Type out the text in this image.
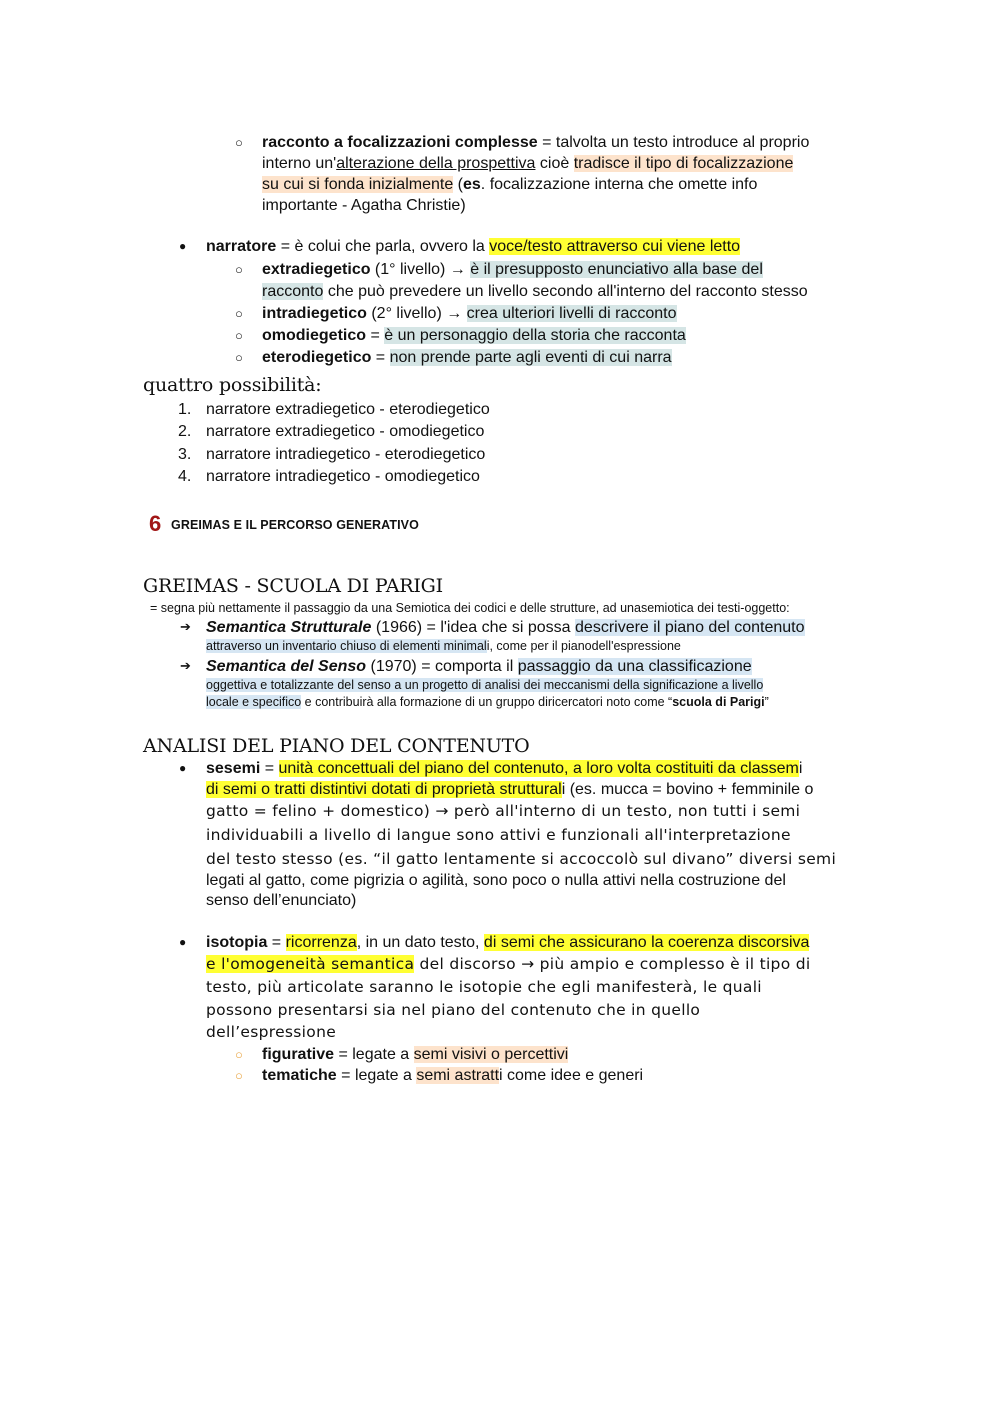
○ racconto a focalizzazioni complesse = talvolta un testo introduce al proprio
interno un'alterazione della prospettiva cioè tradisce il tipo di focalizzazione
su cui si fonda inizialmente (es. focalizzazione interna che omette info
importante - Agatha Christie)
● narratore = è colui che parla, ovvero la voce/testo attraverso cui viene letto
○ extradiegetico (1° livello) → è il presupposto enunciativo alla base del
racconto che può prevedere un livello secondo all'interno del racconto stesso
○ intradiegetico (2° livello) → crea ulteriori livelli di racconto
○ omodiegetico = è un personaggio della storia che racconta
○ eterodiegetico = non prende parte agli eventi di cui narra
quattro possibilità:
1. narratore extradiegetico - eterodiegetico
2. narratore extradiegetico - omodiegetico
3. narratore intradiegetico - eterodiegetico
4. narratore intradiegetico - omodiegetico
6 GREIMAS E IL PERCORSO GENERATIVO
GREIMAS - SCUOLA DI PARIGI
= segna più nettamente il passaggio da una Semiotica dei codici e delle strutture, ad unasemiotica dei testi-oggetto:
➔ Semantica Strutturale (1966) = l'idea che si possa descrivere il piano del contenuto
attraverso un inventario chiuso di elementi minimali, come per il pianodell'espressione
➔ Semantica del Senso (1970) = comporta il passaggio da una classificazione
oggettiva e totalizzante del senso a un progetto di analisi dei meccanismi della significazione a livello
locale e specifico e contribuirà alla formazione di un gruppo diricercatori noto come “scuola di Parigi”
ANALISI DEL PIANO DEL CONTENUTO
● sesemi = unità concettuali del piano del contenuto, a loro volta costituiti da classemi
di semi o tratti distintivi dotati di proprietà strutturali (es. mucca = bovino + femminile o
gatto = felino + domestico) → però all'interno di un testo, non tutti i semi
individuabili a livello di langue sono attivi e funzionali all'interpretazione
del testo stesso (es. “il gatto lentamente si accoccolò sul divano” diversi semi
legati al gatto, come pigrizia o agilità, sono poco o nulla attivi nella costruzione del
senso dell’enunciato)
● isotopia = ricorrenza, in un dato testo, di semi che assicurano la coerenza discorsiva
e l'omogeneità semantica del discorso → più ampio e complesso è il tipo di
testo, più articolate saranno le isotopie che egli manifesterà, le quali
possono presentarsi sia nel piano del contenuto che in quello
dell’espressione
○ figurative = legate a semi visivi o percettivi
○ tematiche = legate a semi astratti come idee e generi
